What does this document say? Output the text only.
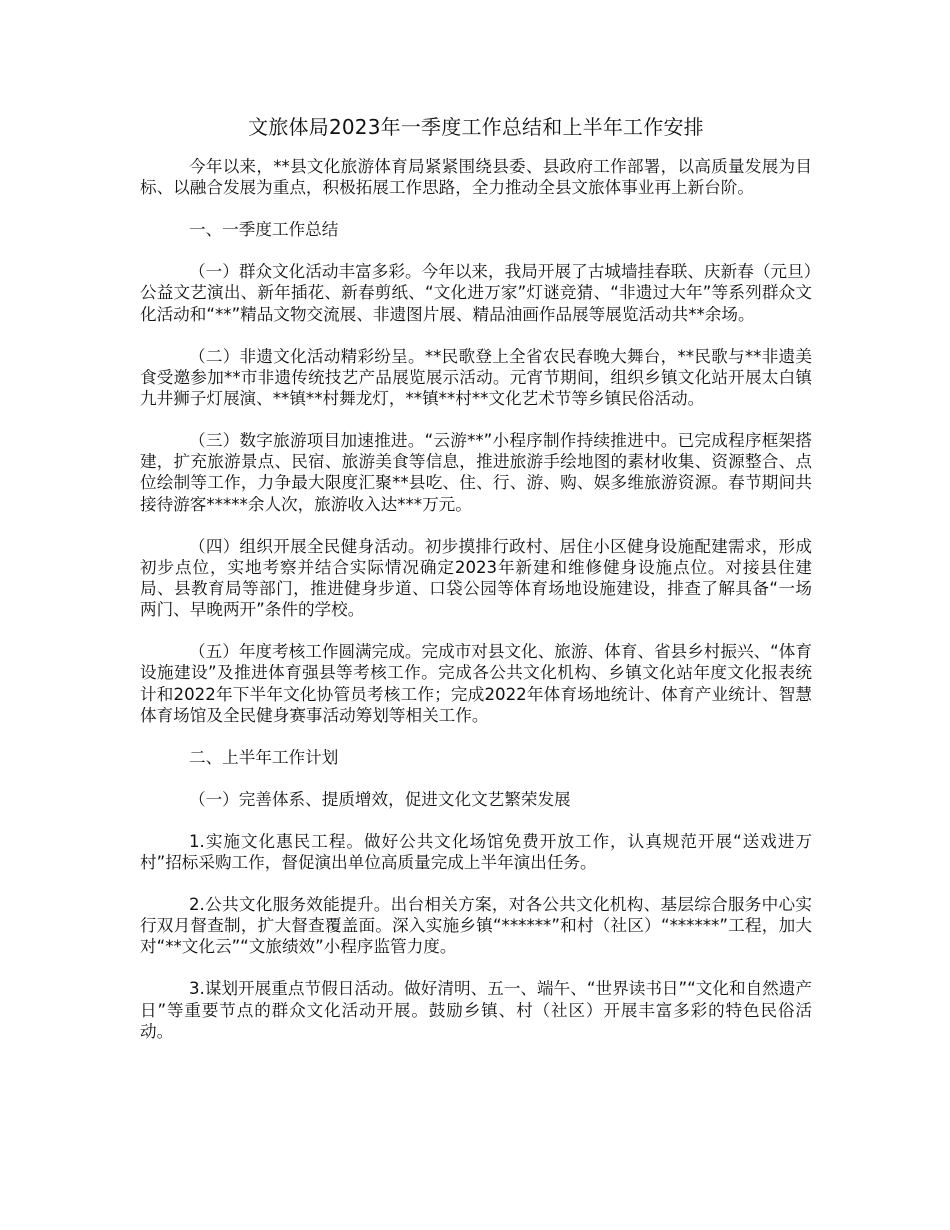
文旅体局2023年一季度工作总结和上半年工作安排

今年以来，**县文化旅游体育局紧紧围绕县委、县政府工作部署，以高质量发展为目标、以融合发展为重点，积极拓展工作思路，全力推动全县文旅体事业再上新台阶。

一、一季度工作总结

（一）群众文化活动丰富多彩。今年以来，我局开展了古城墙挂春联、庆新春（元旦）公益文艺演出、新年插花、新春剪纸、“文化进万家”灯谜竞猜、“非遗过大年”等系列群众文化活动和“**”精品文物交流展、非遗图片展、精品油画作品展等展览活动共**余场。

（二）非遗文化活动精彩纷呈。**民歌登上全省农民春晚大舞台，**民歌与**非遗美食受邀参加**市非遗传统技艺产品展览展示活动。元宵节期间，组织乡镇文化站开展太白镇九井狮子灯展演、**镇**村舞龙灯，**镇**村**文化艺术节等乡镇民俗活动。

（三）数字旅游项目加速推进。“云游**”小程序制作持续推进中。已完成程序框架搭建，扩充旅游景点、民宿、旅游美食等信息，推进旅游手绘地图的素材收集、资源整合、点位绘制等工作，力争最大限度汇聚**县吃、住、行、游、购、娱多维旅游资源。春节期间共接待游客*****余人次，旅游收入达***万元。

（四）组织开展全民健身活动。初步摸排行政村、居住小区健身设施配建需求，形成初步点位，实地考察并结合实际情况确定2023年新建和维修健身设施点位。对接县住建局、县教育局等部门，推进健身步道、口袋公园等体育场地设施建设，排查了解具备“一场两门、早晚两开”条件的学校。

（五）年度考核工作圆满完成。完成市对县文化、旅游、体育、省县乡村振兴、“体育设施建设”及推进体育强县等考核工作。完成各公共文化机构、乡镇文化站年度文化报表统计和2022年下半年文化协管员考核工作；完成2022年体育场地统计、体育产业统计、智慧体育场馆及全民健身赛事活动筹划等相关工作。

二、上半年工作计划

（一）完善体系、提质增效，促进文化文艺繁荣发展

1.实施文化惠民工程。做好公共文化场馆免费开放工作，认真规范开展“送戏进万村”招标采购工作，督促演出单位高质量完成上半年演出任务。

2.公共文化服务效能提升。出台相关方案，对各公共文化机构、基层综合服务中心实行双月督查制，扩大督查覆盖面。深入实施乡镇“******”和村（社区）“******”工程，加大对“**文化云”“文旅绩效”小程序监管力度。

3.谋划开展重点节假日活动。做好清明、五一、端午、“世界读书日”“文化和自然遗产日”等重要节点的群众文化活动开展。鼓励乡镇、村（社区）开展丰富多彩的特色民俗活动。
